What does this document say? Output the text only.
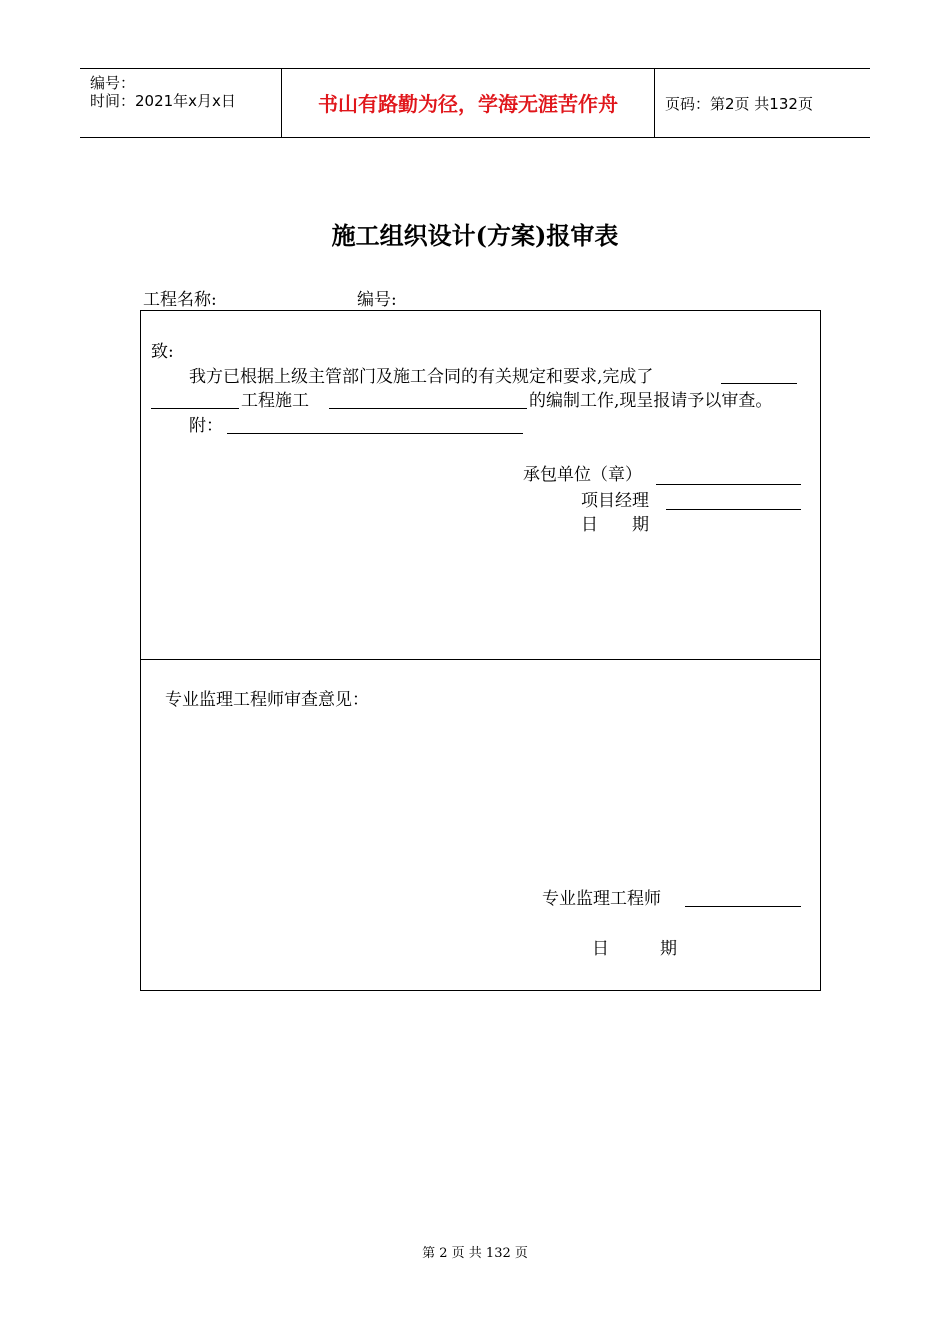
编号：
时间：2021年x月x日	书山有路勤为径，学海无涯苦作舟	页码：第2页 共132页
施工组织设计(方案)报审表
工程名称:	编号:
致:
我方已根据上级主管部门及施工合同的有关规定和要求,完成了
工程施工	的编制工作,现呈报请予以审查。
附：
承包单位（章）
项目经理
日　　期
专业监理工程师审查意见：
专业监理工程师
日　　　期
第 2 页 共 132 页
